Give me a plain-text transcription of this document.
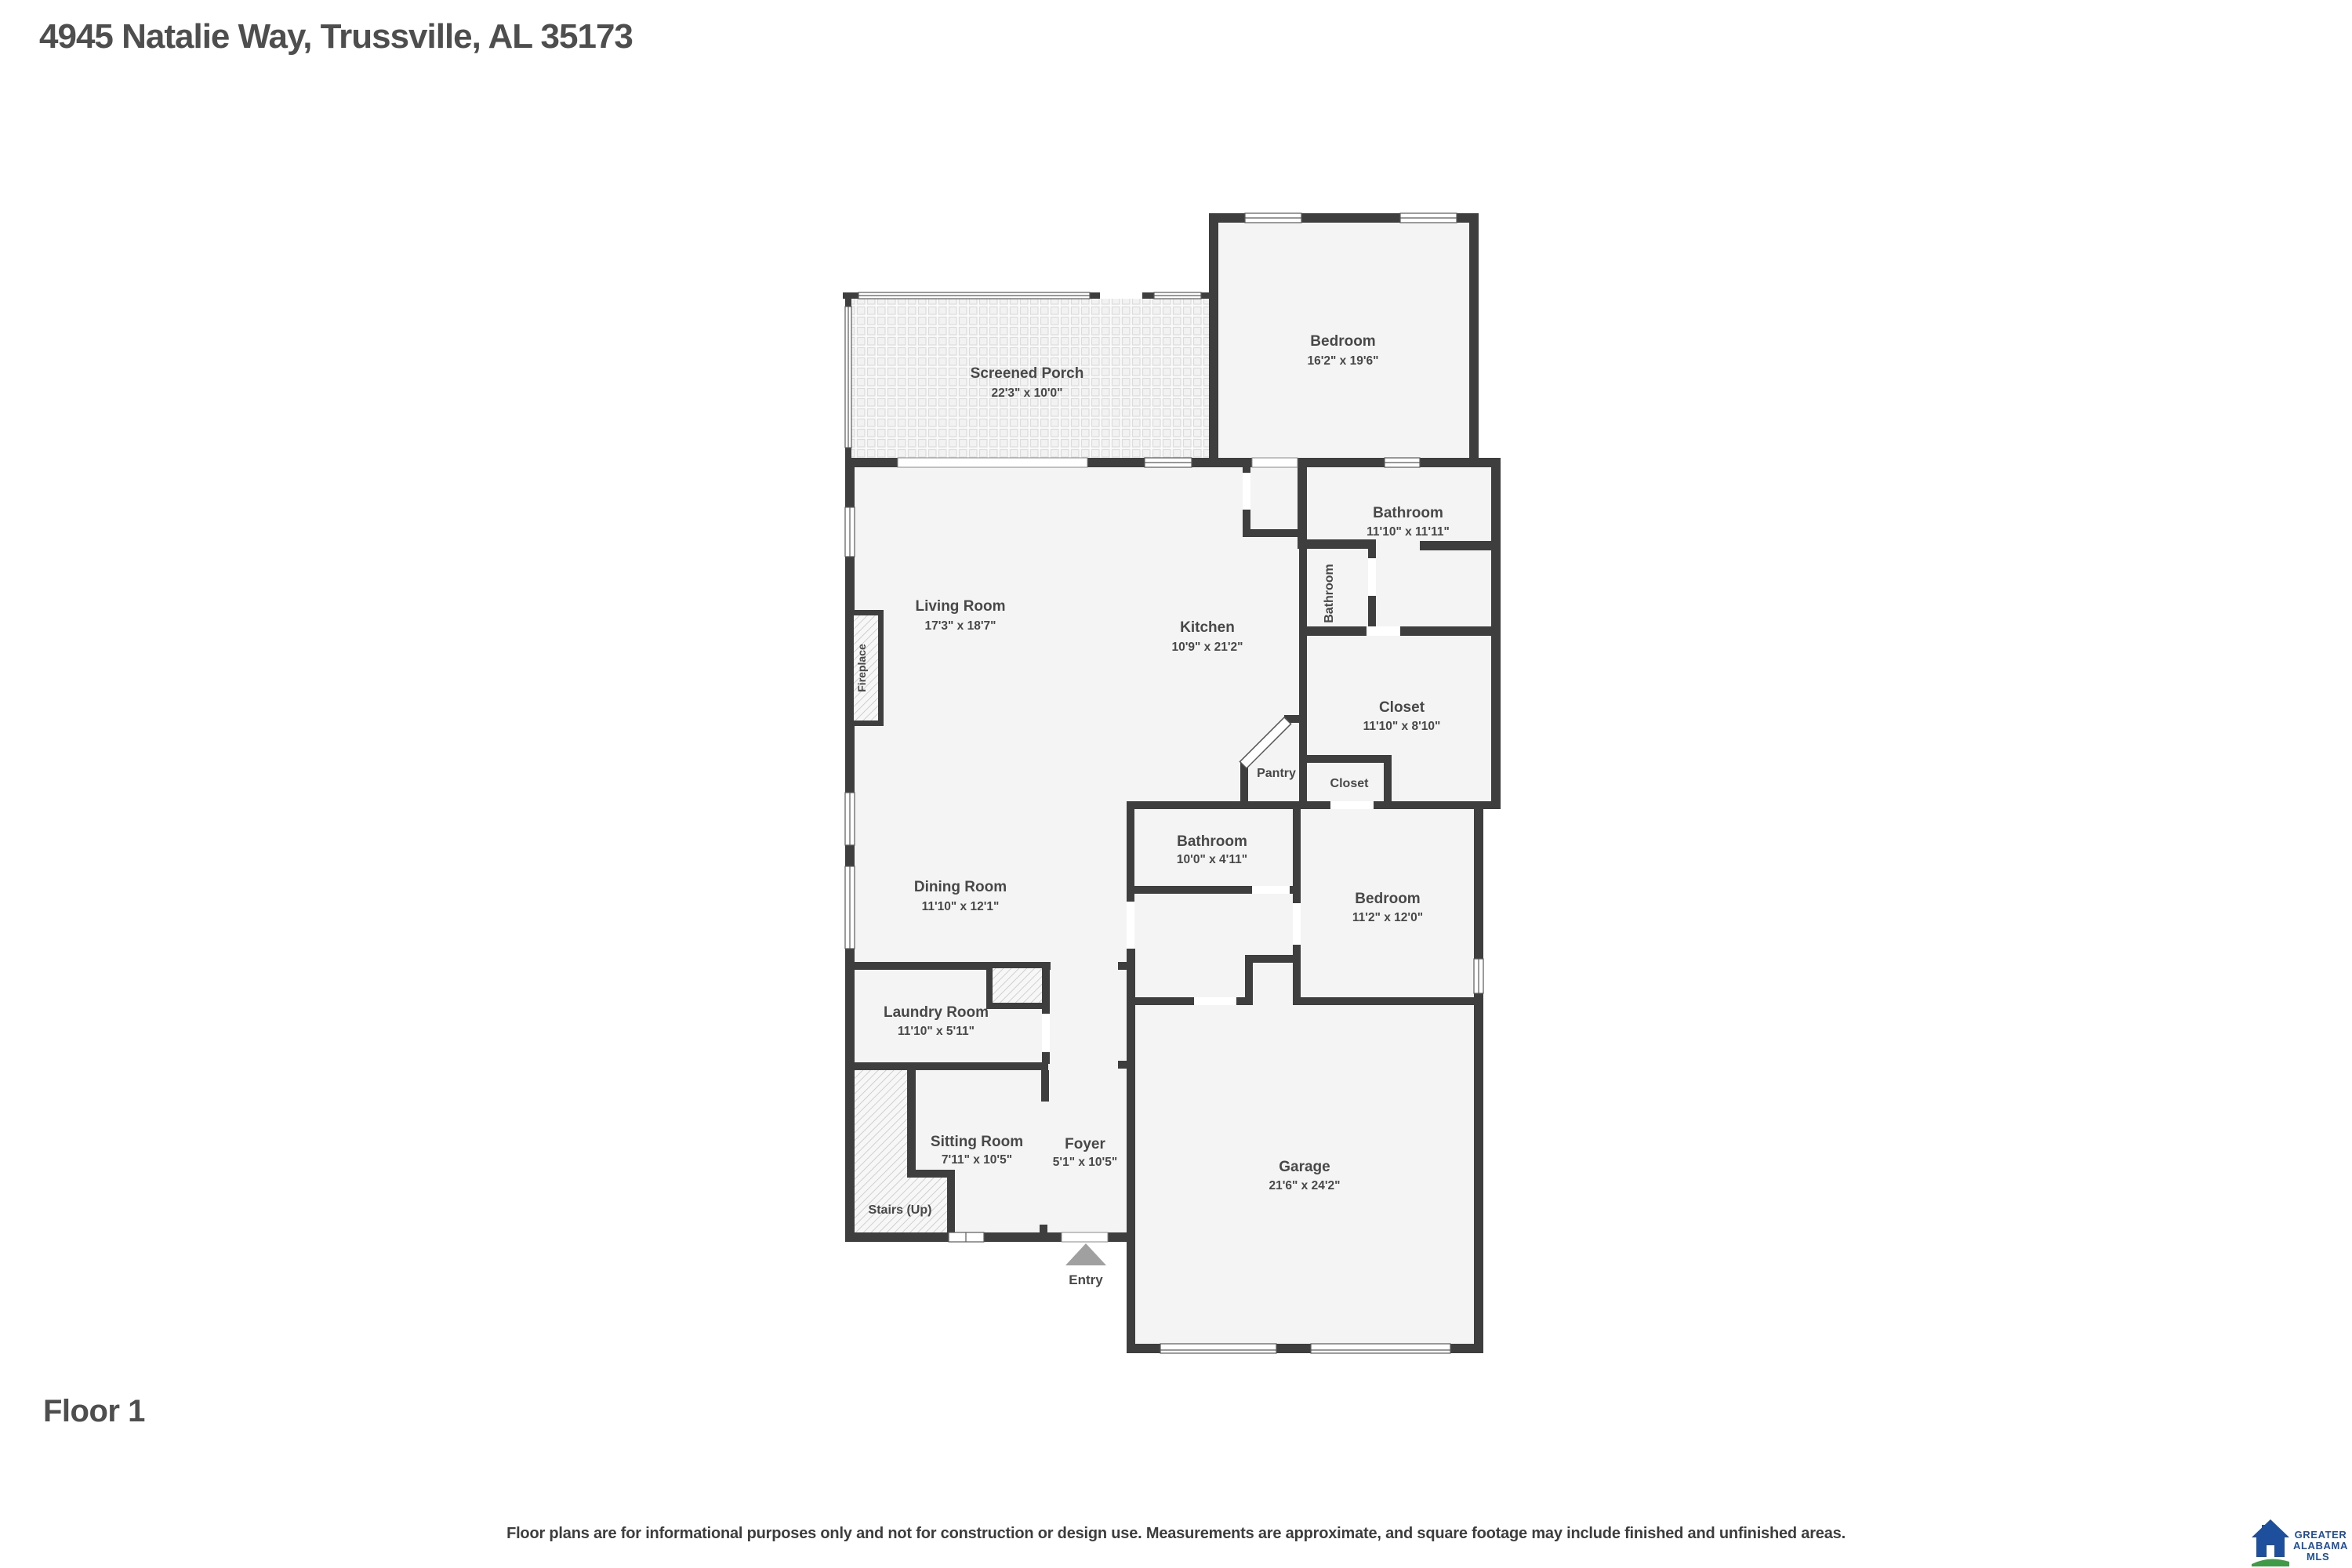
4945 Natalie Way, Trussville, AL 35173
Screened Porch
22'3" x 10'0"
Bedroom
16'2" x 19'6"
Bathroom
11'10" x 11'11"
Bathroom
Closet
11'10" x 8'10"
Closet
Pantry
Living Room
17'3" x 18'7"	Kitchen
10'9" x 21'2"
Dining Room
11'10" x 12'1"
Bathroom
10'0" x 4'11"
Bedroom
11'2" x 12'0"
Laundry Room
11'10" x 5'11"
Sitting Room
7'11" x 10'5"
Foyer
5'1" x 10'5"	Garage
21'6" x 24'2"
Stairs (Up)
Entry
Fireplace
Floor 1
Floor plans are for informational purposes only and not for construction or design use. Measurements are approximate, and square footage may include finished and unfinished areas.	GREATER
ALABAMA
MLS
